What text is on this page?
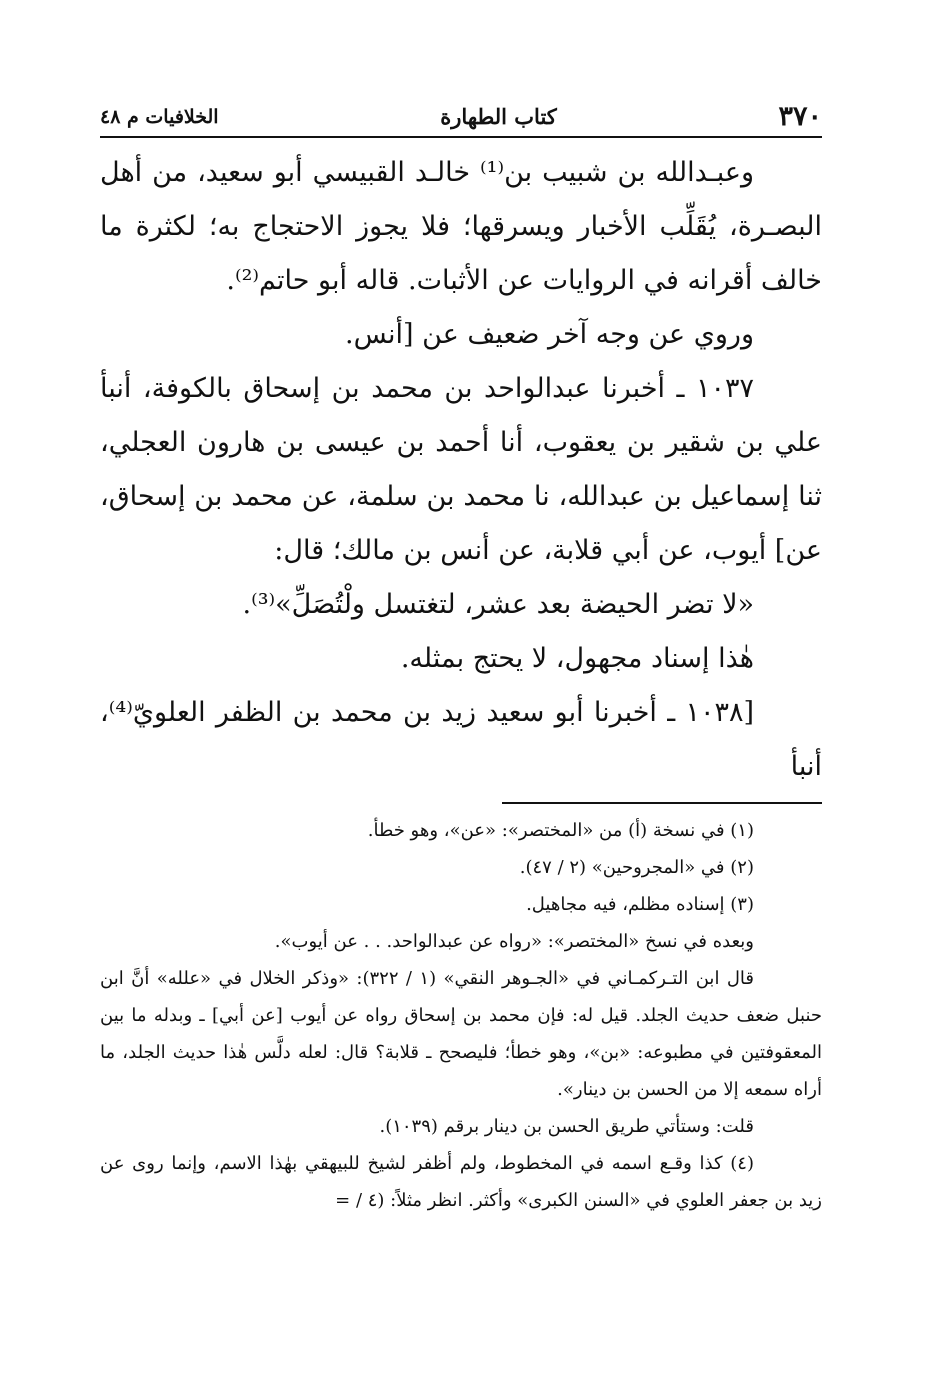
٣٧٠
كتاب الطهارة
الخلافيات م ٤٨

وعبـدالله بن شبيب بن⁽¹⁾ خالـد القبيسي أبو سعيد، من أهل البصـرة، يُقَلِّب الأخبار ويسرقها؛ فلا يجوز الاحتجاج به؛ لكثرة ما خالف أقرانه في الروايات عن الأثبات. قاله أبو حاتم⁽²⁾.

وروي عن وجه آخر ضعيف عن [أنس.

١٠٣٧ ـ أخبرنا عبدالواحد بن محمد بن إسحاق بالكوفة، أنبأ علي بن شقير بن يعقوب، أنا أحمد بن عيسى بن هارون العجلي، ثنا إسماعيل بن عبدالله، نا محمد بن سلمة، عن محمد بن إسحاق، عن] أيوب، عن أبي قلابة، عن أنس بن مالك؛ قال:

«لا تضر الحيضة بعد عشر، لتغتسل ولْتُصَلِّ»⁽³⁾.

هٰذا إسناد مجهول، لا يحتج بمثله.

[١٠٣٨ ـ أخبرنا أبو سعيد زيد بن محمد بن الظفر العلويّ⁽⁴⁾، أنبأ

(١) في نسخة (أ) من «المختصر»: «عن»، وهو خطأ.

(٢) في «المجروحين» (٢ / ٤٧).

(٣) إسناده مظلم، فيه مجاهيل.

وبعده في نسخ «المختصر»: «رواه عن عبدالواحد. . . عن أيوب».

قال ابن التـركمـاني في «الجـوهر النقي» (١ / ٣٢٢): «وذكر الخلال في «علله» أنَّ ابن حنبل ضعف حديث الجلد. قيل له: فإن محمد بن إسحاق رواه عن أيوب [عن أبي] ـ وبدله ما بين المعقوفتين في مطبوعه: «بن»، وهو خطأ؛ فليصحح ـ قلابة؟ قال: لعله دلَّس هٰذا حديث الجلد، ما أراه سمعه إلا من الحسن بن دينار».

قلت: وستأتي طريق الحسن بن دينار برقم (١٠٣٩).

(٤) كذا وقـع اسمه في المخطوط، ولم أظفر لشيخ للبيهقي بهٰذا الاسم، وإنما روى عن زيد بن جعفر العلوي في «السنن الكبرى» وأكثر. انظر مثلاً: (٤ / =
